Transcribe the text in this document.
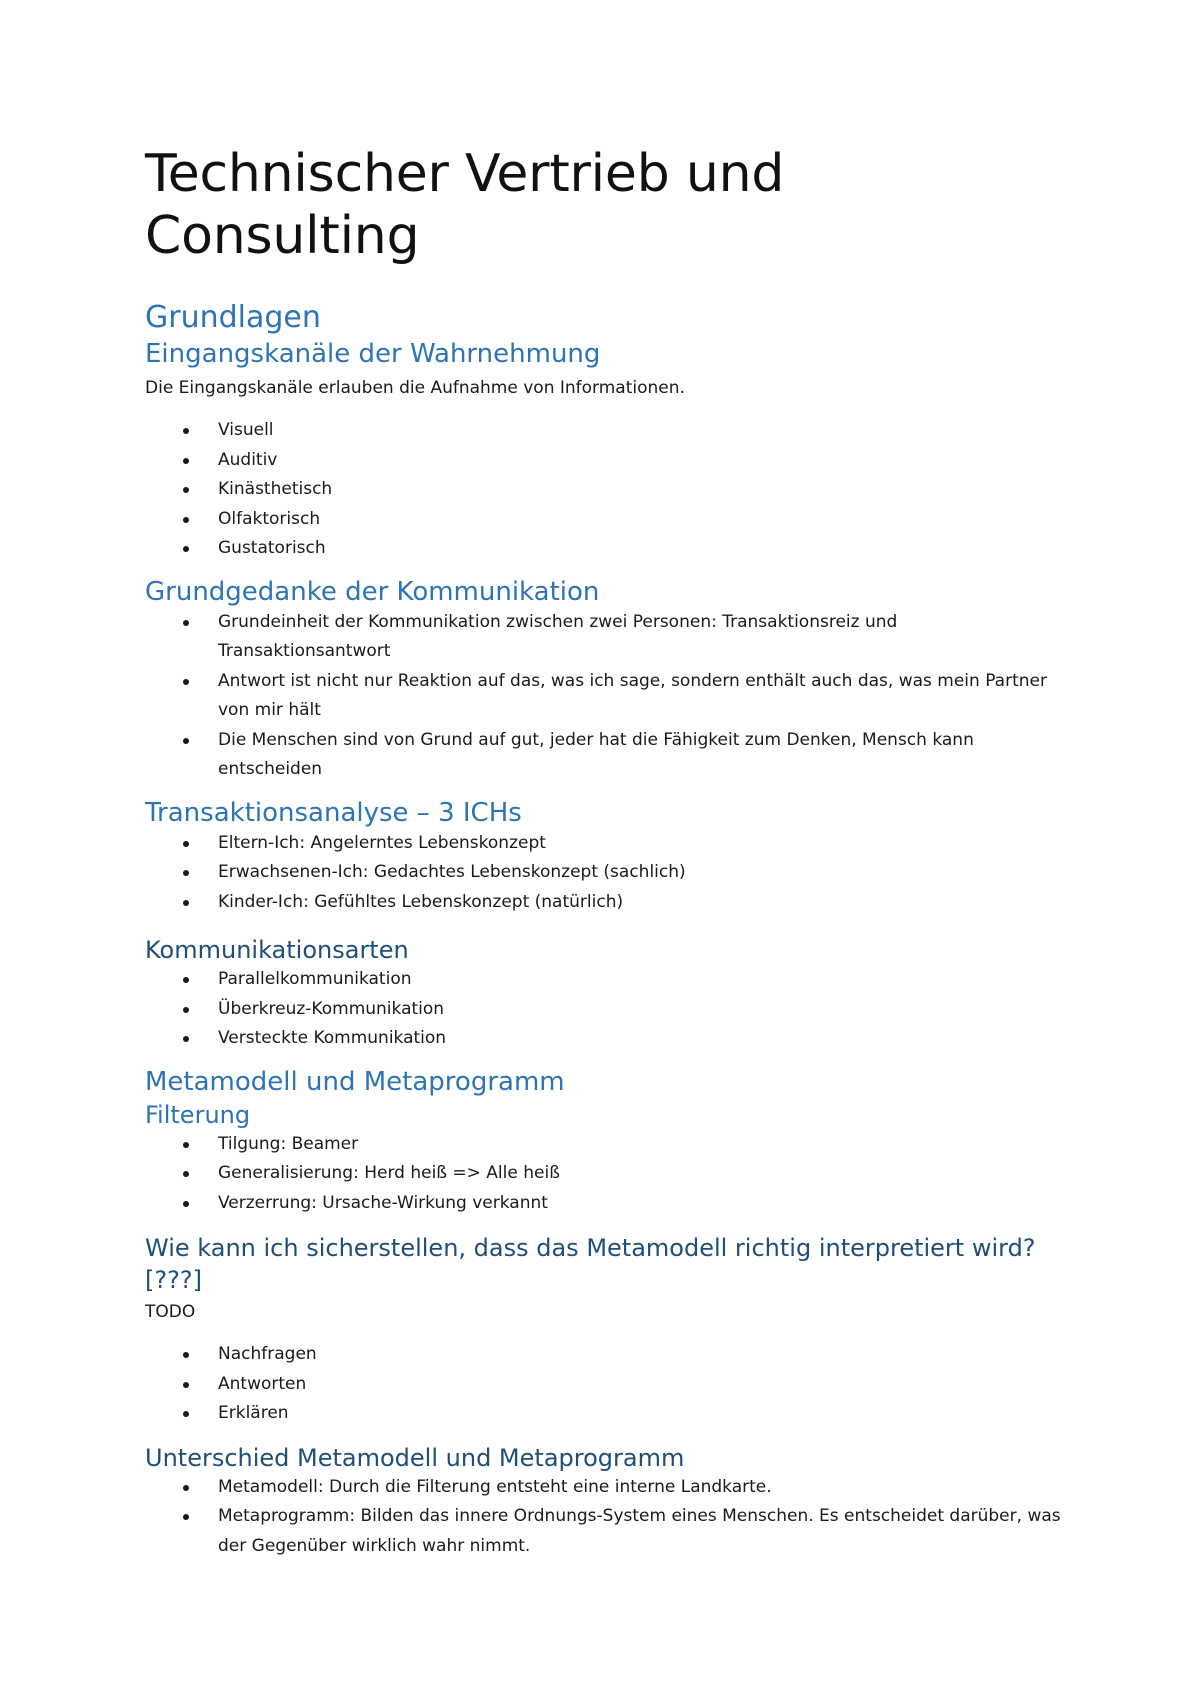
Technischer Vertrieb und Consulting
Grundlagen
Eingangskanäle der Wahrnehmung

Die Eingangskanäle erlauben die Aufnahme von Informationen.

Visuell
Auditiv
Kinästhetisch
Olfaktorisch
Gustatorisch
Grundgedanke der Kommunikation
Grundeinheit der Kommunikation zwischen zwei Personen: Transaktionsreiz und Transaktionsantwort
Antwort ist nicht nur Reaktion auf das, was ich sage, sondern enthält auch das, was mein Partner von mir hält
Die Menschen sind von Grund auf gut, jeder hat die Fähigkeit zum Denken, Mensch kann entscheiden
Transaktionsanalyse – 3 ICHs
Eltern-Ich: Angelerntes Lebenskonzept
Erwachsenen-Ich: Gedachtes Lebenskonzept (sachlich)
Kinder-Ich: Gefühltes Lebenskonzept (natürlich)
Kommunikationsarten
Parallelkommunikation
Überkreuz-Kommunikation
Versteckte Kommunikation
Metamodell und Metaprogramm
Filterung
Tilgung: Beamer
Generalisierung: Herd heiß => Alle heiß
Verzerrung: Ursache-Wirkung verkannt
Wie kann ich sicherstellen, dass das Metamodell richtig interpretiert wird? [???]

TODO

Nachfragen
Antworten
Erklären
Unterschied Metamodell und Metaprogramm
Metamodell: Durch die Filterung entsteht eine interne Landkarte.
Metaprogramm: Bilden das innere Ordnungs-System eines Menschen. Es entscheidet darüber, was der Gegenüber wirklich wahr nimmt.
